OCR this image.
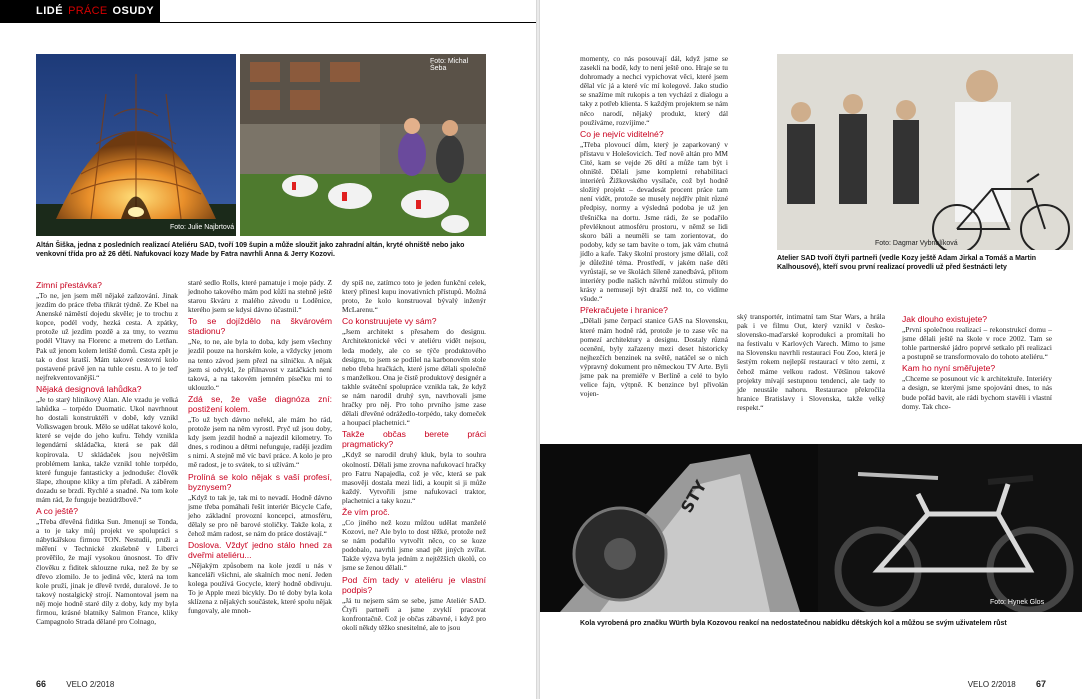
LIDÉ PRÁCE OSUDY
Foto: Julie Najbrtová
Foto: Michal Šeba
Altán Šiška, jedna z posledních realizací Ateliéru SAD, tvoří 109 šupin a může sloužit jako zahradní altán, kryté ohniště nebo jako venkovní třída pro až 26 dětí. Nafukovací kozy Made by Fatra navrhli Anna & Jerry Kozovi.
Zimní přestávka?

„To ne, jen jsem měl nějaké zaňzování. Jinak jezdím do práce třeba třikrát týdně. Ze Kbel na Anenské náměstí dojedu skvěle; je to trochu z kopce, podél vody, hezká cesta. A zpátky, protože už jezdím pozdě a za tmy, to vezmu podél Vltavy na Florenc a metrem do Letňan. Pak už jenom kolem letiště domů. Cesta zpět je tak o dost kratší. Mám takové cestovní kolo postavené právě jen na tuhle cestu. A to je teď nejfrekventovanější.“

Nějaká designová lahůdka?

„Je to starý hliníkový Alan. Ale vzadu je velká lahůdka – torpédo Duomatic. Ukol navrhnout ho dostali konstruktéři v době, kdy vznikl Volkswagen brouk. Mělo se udělat takové kolo, které se vejde do jeho kufru. Tehdy vznikla legendární skládačka, která se pak dál kopírovala. U skládaček jsou největším problémem lanka, takže vznikl tohle torpédo, které funguje fantasticky a jednoduše: člověk šlape, zhoupne kliky a tím přeřadí. A záběrem dozadu se brzdí. Rychlé a snadné. Na tom kole mám rád, že funguje bezúdržbově.“

A co ještě?

„Třeba dřevěná fiditka Sun. Jmenují se Tonda, a to je taky můj projekt ve spolupráci s nábytkářskou firmou TON. Nestudii, pruži a měření v Technické zkušebně v Liberci prověřilo, že mají vysokou únosnost. To dřív člověku z fiditek sklouzne ruka, než že by se dřevo zlomilo. Je to jediná věc, která na tom kole pruží, jinak je dřevě tvrdé, duralové. Je to takový nostalgický strojí. Namontoval jsem na něj moje hodně staré díly z doby, kdy my byla firmou, krásné blatníky Salmon France, kliky Campagnolo Strada dělané pro Colnago,

staré sedlo Rolls, které pamatuje i moje pády. Z jednoho takového mám pod kůží na stehně ještě starou škváru z malého závodu u Loděnice, kterého jsem se kdysi dávno účastnil.“

To se dojíždělo na škvárovém stadionu?

„Ne, to ne, ale byla to doba, kdy jsem všechny jezdil pouze na horském kole, a vždycky jenom na tento závod jsem přezl na silničku. A nějak jsem si odvykl, že přilnavost v zatáčkách není taková, a na takovém jemném písečku mi to uklouzlo.“

Zdá se, že vaše diagnóza zní: postižení kolem.

„To už bych dávno neřekl, ale mám ho rád, protože jsem na něm vyrostl. Pryč už jsou doby, kdy jsem jezdil hodně a najezdil kilometry. To dnes, s rodinou a dětmi nefunguje, raději jezdím s nimi. A stejně mě víc baví práce. A kolo je pro mě radost, je to svátek, to si užívám.“

Prolíná se kolo nějak s vaší profesí, byznysem?

„Když to tak je, tak mi to nevadí. Hodně dávno jsme třeba pomáhali řešit interiér Bicycle Cafe, jeho základní provozní koncepci, atmosféru, dělaly se pro ně barové stoličky. Takže kola, z čehož mám radost, se nám do práce dostávají.“

Doslova. Vždyť jedno stálo hned za dveřmi ateliéru...

„Nějakým způsobem na kole jezdí u nás v kanceláři všichni, ale skalních moc není. Jeden kolega používá Gocycle, který hodně obdivuju. To je Apple mezi bicykly. Do té doby byla kola sklízena z nějakých součástek, které spolu nějak fungovaly, ale mnoh-

dy spíš ne, zatímco toto je jeden funkční celek, který přinesl kupu inovativních přístupů. Možná proto, že kolo konstruoval bývalý inženýr McLarenu.“

Co konstruujete vy sám?

„Jsem architekt s přesahem do designu. Architektonické věci v ateliéru vidět nejsou, leda modely, ale co se týče produktového designu, to jsem se podílel na karbonovém stole nebo třeba hračkách, které jsme dělali společně s manželkou. Ona je čistě produktový designér a takhle sváteční spolupráce vznikla tak, že když se nám narodil druhý syn, navrhovali jsme hračky pro něj. Pro toho prvního jsme zase dělali dřevěné odrážedlo-torpédo, taky domeček a houpací plachetnici.“

Takže občas berete práci pragmaticky?

„Když se narodil druhý kluk, byla to souhra okolností. Dělali jsme zrovna nafukovací hračky pro Fatru Napajedla, což je věc, která se pak masověji dostala mezi lidi, a koupit si ji může každý. Vytvořili jsme nafukovací traktor, plachetnici a taky kozu.“

Že vím proč.

„Co jiného než kozu můžou udělat manželé Kozovi, ne? Ale bylo to dost těžké, protože než se nám podařilo vytvořit něco, co se koze podobalo, navrhli jsme snad pět jiných zvířat. Takže výzva byla jedním z nejtěžších úkolů, co jsme se ženou dělali.“

Pod čím tady v ateliéru je vlastní podpis?

„Já tu nejsem sám se sebe, jsme Ateliér SAD. Čtyři partneři a jsme zvyklí pracovat konfrontačně. Což je občas zábavné, i když pro okolí někdy těžko snesitelné, ale to jsou

66	VELO 2/2018
Foto: Dagmar Vybnalíková
Atelier SAD tvoří čtyři partneři (vedle Kozy ještě Adam Jirkal a Tomáš a Martin Kalhousové), kteří svou první realizací provedli už před šestnácti lety

momenty, co nás posouvají dál, když jsme se zasekli na bodě, kdy to není ještě ono. Hraje se tu dohromady a nechci vypichovat věci, které jsem dělal víc já a které víc mí kolegové. Jako studio se snažíme mít rukopis a ten vychází z dialogu a taky z potřeb klienta. S každým projektem se nám něco narodí, nějaký produkt, který dál používáme, rozvíjíme.“

Co je nejvíc viditelné?

„Třeba plovoucí dům, který je zaparkovaný v přístavu v Holešovicích. Teď nově altán pro MM Cité, kam se vejde 26 dětí a může tam být i ohniště. Dělali jsme kompletní rehabilitaci interiérů Žižkovského vysílače, což byl hodně složitý projekt – devadesát procent práce tam není vidět, protože se musely nejdřív plnit různé předpisy, normy a výsledná podoba je už jen třešnička na dortu. Jsme rádi, že se podařilo převléknout atmosféru prostoru, v němž se lidi skoro báli a neuměli se tam zorientovat, do podoby, kdy se tam bavíte o tom, jak vám chutná jídlo a kafe. Taky školní prostory jsme dělali, což je důležité téma. Prostředí, v jakém naše děti vyrůstají, se ve školách šíleně zanedbává, přitom interiéry podle našich návrhů můžou stimuly do krásy a nemusejí být dražší než to, co vidíme všude.“

Překračujete i hranice?

„Dělali jsme čerpací stanice GAS na Slovensku, které mám hodně rád, protože je to zase věc na pomezí architektury a designu. Dostaly různá ocenění, byly zařazeny mezi deset historicky nejhezčích benzinek na světě, natáčel se o nich výpravný dokument pro německou TV Arte. Byli jsme pak na premiéře v Berlíně a celé to bylo velice fajn, výtpně. K benzince byl přivolán vojen-

ský transportér, intimatní tam Star Wars, a hrála pak i ve filmu Out, který vznikl v česko-slovensko-maďarské koprodukci a promítali ho na festivalu v Karlových Varech. Mimo to jsme na Slovensku navrhli restauraci Fou Zoo, která je šestým rokem nejlepší restaurací v této zemi, z čehož máme velkou radost. Většinou takové projekty mívají sestupnou tendenci, ale tady to jde neustále nahoru. Restaurace překročila hranice Bratislavy i Slovenska, takže velký respekt.“

Jak dlouho existujete?

„První společnou realizací – rekonstrukcí domu – jsme dělali ještě na škole v roce 2002. Tam se tohle partnerské jádro poprvé setkalo při realizaci a postupně se transformovalo do tohoto ateliéru.“

Kam ho nyní směřujete?

„Chceme se posunout víc k architektuře. Interiéry a design, se kterými jsme spojováni dnes, to nás bude pořád bavit, ale rádi bychom stavěli i vlastní domy. Tak chce-

STY
Foto: Hynek Glos
Kola vyrobená pro značku Würth byla Kozovou reakcí na nedostatečnou nabídku dětských kol a můžou se svým uživatelem růst
VELO 2/2018 67
